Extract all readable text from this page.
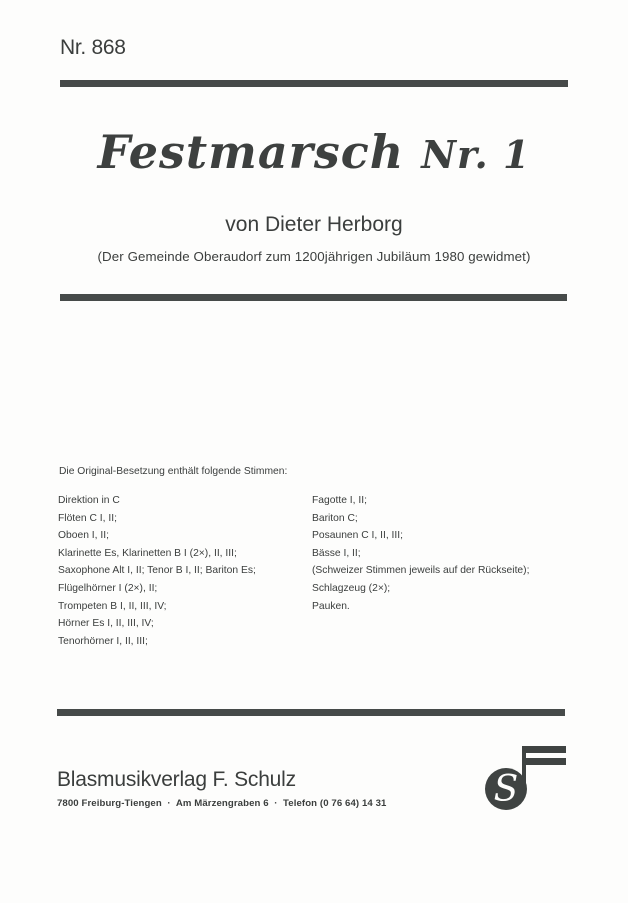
Nr. 868
Festmarsch Nr. 1
von Dieter Herborg
(Der Gemeinde Oberaudorf zum 1200jährigen Jubiläum 1980 gewidmet)
Die Original-Besetzung enthält folgende Stimmen:
Direktion in C
Flöten C I, II;
Oboen I, II;
Klarinette Es, Klarinetten B I (2×), II, III;
Saxophone Alt I, II; Tenor B I, II; Bariton Es;
Flügelhörner I (2×), II;
Trompeten B I, II, III, IV;
Hörner Es I, II, III, IV;
Tenorhörner I, II, III;
Fagotte I, II;
Bariton C;
Posaunen C I, II, III;
Bässe I, II;
(Schweizer Stimmen jeweils auf der Rückseite);
Schlagzeug (2×);
Pauken.
Blasmusikverlag F. Schulz
7800 Freiburg-Tiengen  ·  Am Märzengraben 6  ·  Telefon (0 76 64) 14 31	S
